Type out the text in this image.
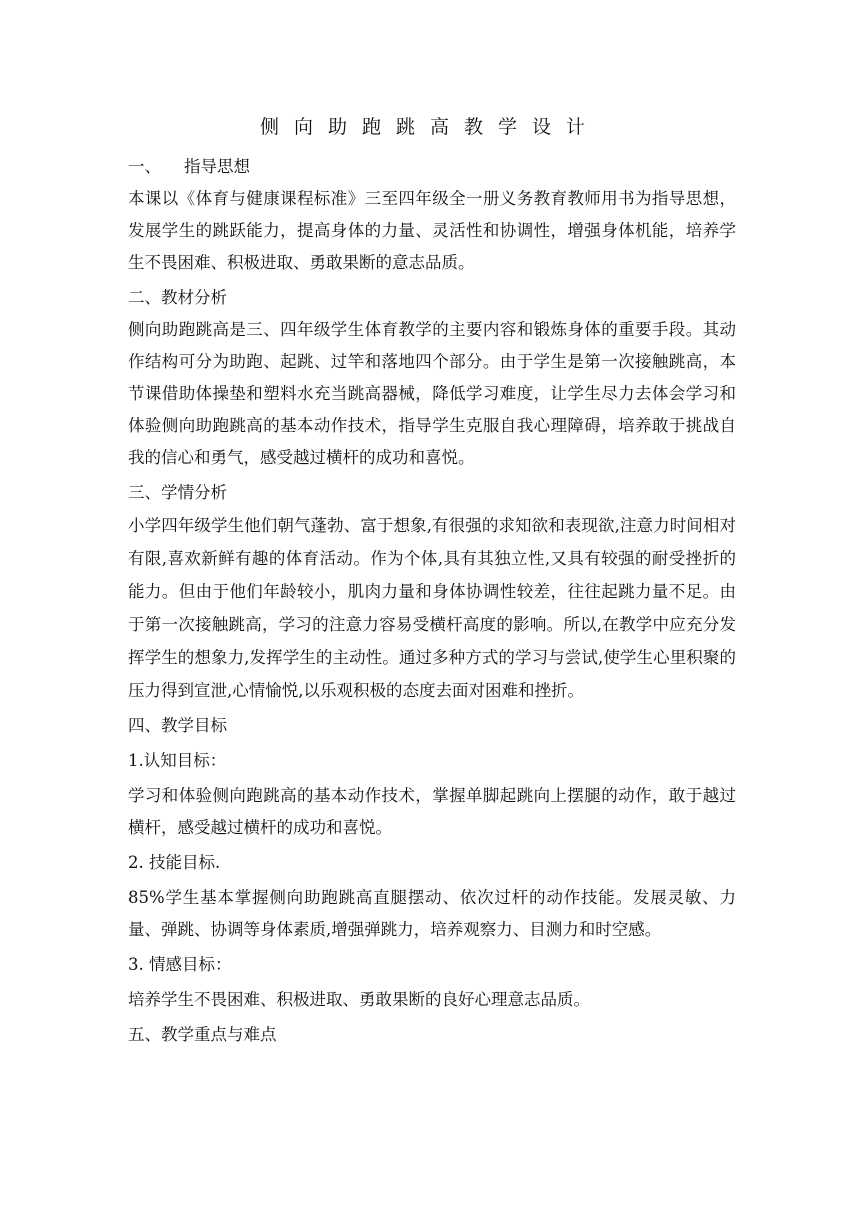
侧向助跑跳高教学设计

一、 指导思想

本课以《体育与健康课程标准》三至四年级全一册义务教育教师用书为指导思想，发展学生的跳跃能力，提高身体的力量、灵活性和协调性，增强身体机能，培养学生不畏困难、积极进取、勇敢果断的意志品质。

二、教材分析

侧向助跑跳高是三、四年级学生体育教学的主要内容和锻炼身体的重要手段。其动作结构可分为助跑、起跳、过竿和落地四个部分。由于学生是第一次接触跳高，本节课借助体操垫和塑料水充当跳高器械，降低学习难度，让学生尽力去体会学习和体验侧向助跑跳高的基本动作技术，指导学生克服自我心理障碍，培养敢于挑战自我的信心和勇气，感受越过横杆的成功和喜悦。

三、学情分析

小学四年级学生他们朝气蓬勃、富于想象,有很强的求知欲和表现欲,注意力时间相对有限,喜欢新鲜有趣的体育活动。作为个体,具有其独立性,又具有较强的耐受挫折的能力。但由于他们年龄较小，肌肉力量和身体协调性较差，往往起跳力量不足。由于第一次接触跳高，学习的注意力容易受横杆高度的影响。所以,在教学中应充分发挥学生的想象力,发挥学生的主动性。通过多种方式的学习与尝试,使学生心里积聚的压力得到宣泄,心情愉悦,以乐观积极的态度去面对困难和挫折。

四、教学目标

1.认知目标：

学习和体验侧向跑跳高的基本动作技术，掌握单脚起跳向上摆腿的动作，敢于越过横杆，感受越过横杆的成功和喜悦。

2. 技能目标.

85%学生基本掌握侧向助跑跳高直腿摆动、依次过杆的动作技能。发展灵敏、力量、弹跳、协调等身体素质,增强弹跳力，培养观察力、目测力和时空感。

3. 情感目标：

培养学生不畏困难、积极进取、勇敢果断的良好心理意志品质。

五、教学重点与难点
